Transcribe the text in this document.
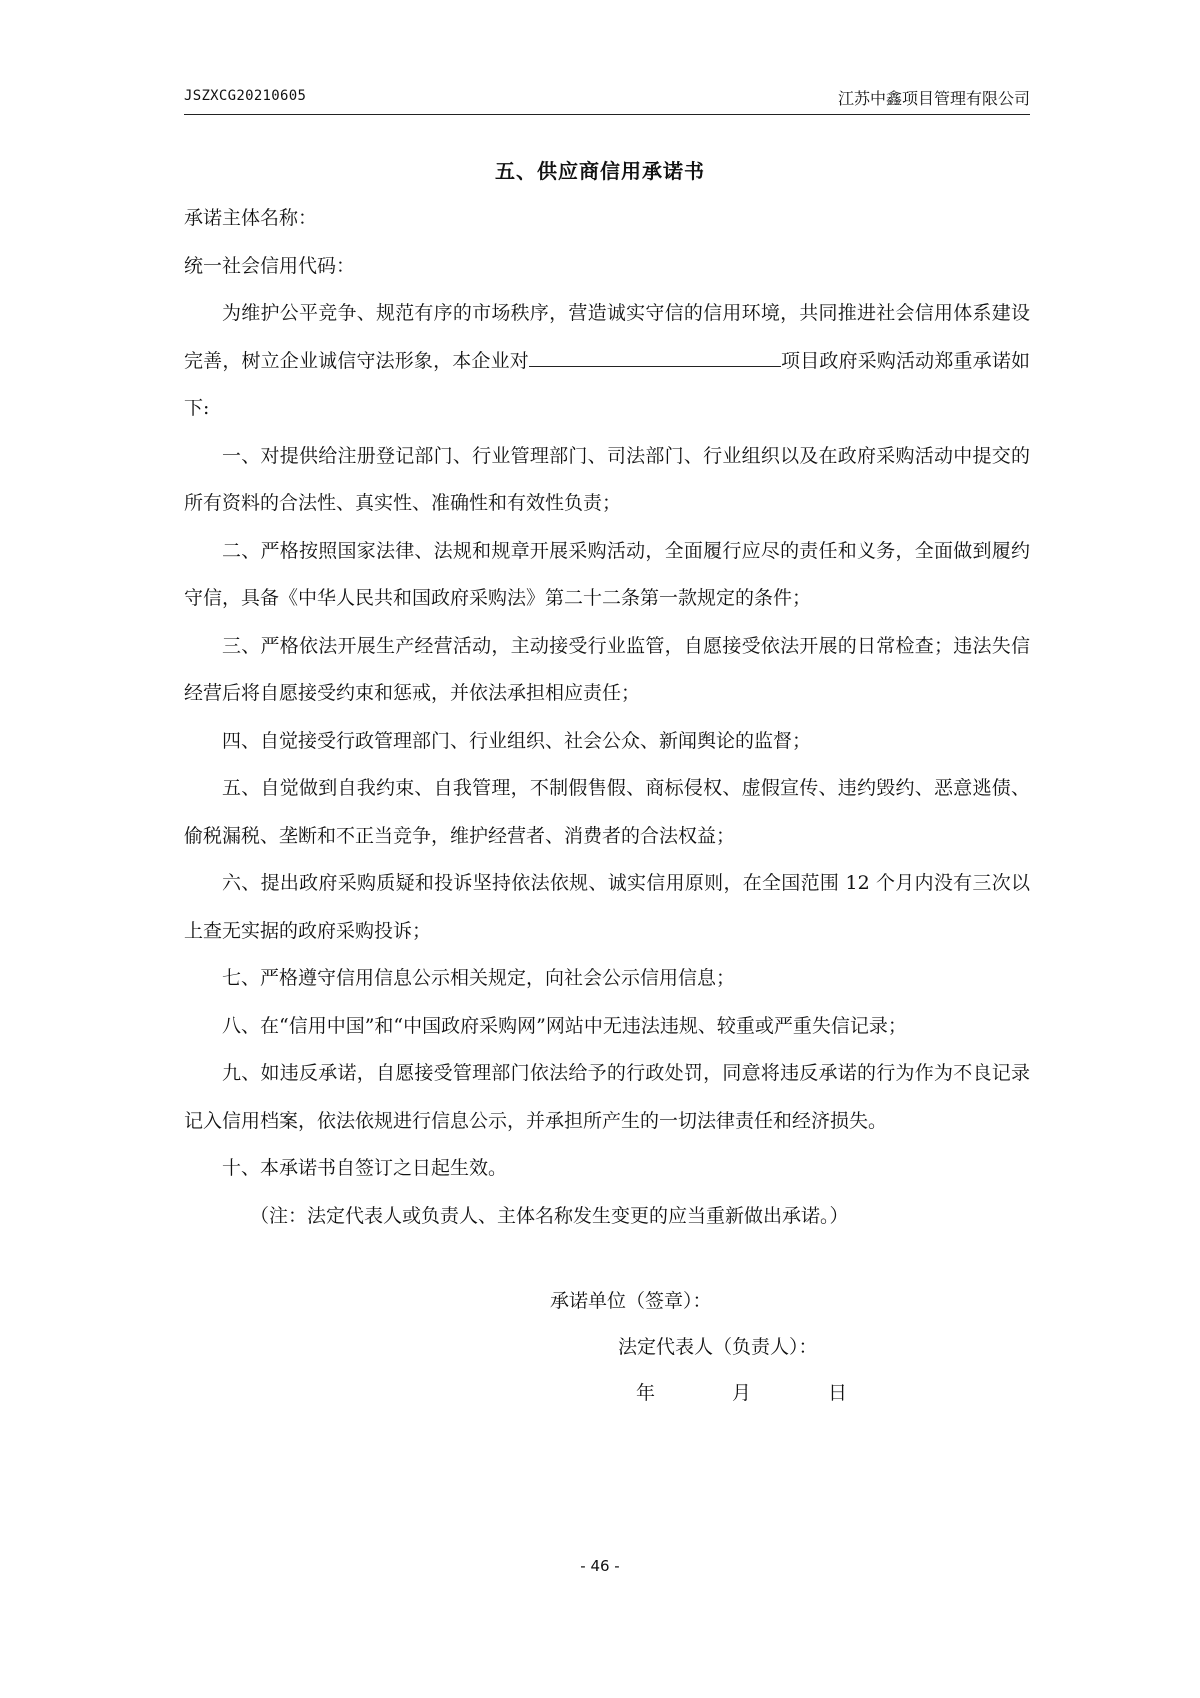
JSZXCG20210605	江苏中鑫项目管理有限公司
五、供应商信用承诺书

承诺主体名称：

统一社会信用代码：

为维护公平竞争、规范有序的市场秩序，营造诚实守信的信用环境，共同推进社会信用体系建设完善，树立企业诚信守法形象，本企业对	项目政府采购活动郑重承诺如下:

一、对提供给注册登记部门、行业管理部门、司法部门、行业组织以及在政府采购活动中提交的所有资料的合法性、真实性、准确性和有效性负责；

二、严格按照国家法律、法规和规章开展采购活动，全面履行应尽的责任和义务，全面做到履约守信，具备《中华人民共和国政府采购法》第二十二条第一款规定的条件；

三、严格依法开展生产经营活动，主动接受行业监管，自愿接受依法开展的日常检查；违法失信经营后将自愿接受约束和惩戒，并依法承担相应责任；

四、自觉接受行政管理部门、行业组织、社会公众、新闻舆论的监督；

五、自觉做到自我约束、自我管理，不制假售假、商标侵权、虚假宣传、违约毁约、恶意逃债、偷税漏税、垄断和不正当竞争，维护经营者、消费者的合法权益；

六、提出政府采购质疑和投诉坚持依法依规、诚实信用原则，在全国范围 12 个月内没有三次以上查无实据的政府采购投诉；

七、严格遵守信用信息公示相关规定，向社会公示信用信息；

八、在“信用中国”和“中国政府采购网”网站中无违法违规、较重或严重失信记录；

九、如违反承诺，自愿接受管理部门依法给予的行政处罚，同意将违反承诺的行为作为不良记录记入信用档案，依法依规进行信息公示，并承担所产生的一切法律责任和经济损失。

十、本承诺书自签订之日起生效。

（注：法定代表人或负责人、主体名称发生变更的应当重新做出承诺。）

承诺单位（签章）：
法定代表人（负责人）：
年	月	日
- 46 -
